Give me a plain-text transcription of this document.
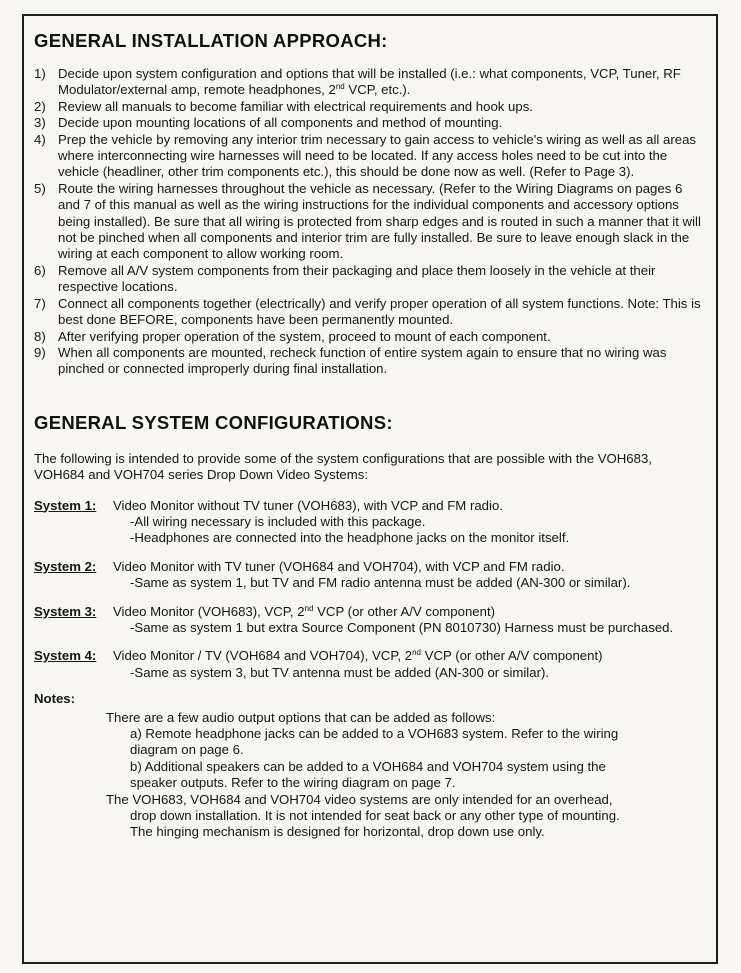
GENERAL INSTALLATION APPROACH:
1) Decide upon system configuration and options that will be installed (i.e.: what components, VCP, Tuner, RF Modulator/external amp, remote headphones, 2nd VCP, etc.).
2) Review all manuals to become familiar with electrical requirements and hook ups.
3) Decide upon mounting locations of all components and method of mounting.
4) Prep the vehicle by removing any interior trim necessary to gain access to vehicle's wiring as well as all areas where interconnecting wire harnesses will need to be located. If any access holes need to be cut into the vehicle (headliner, other trim components etc.), this should be done now as well. (Refer to Page 3).
5) Route the wiring harnesses throughout the vehicle as necessary. (Refer to the Wiring Diagrams on pages 6 and 7 of this manual as well as the wiring instructions for the individual components and accessory options being installed). Be sure that all wiring is protected from sharp edges and is routed in such a manner that it will not be pinched when all components and interior trim are fully installed. Be sure to leave enough slack in the wiring at each component to allow working room.
6) Remove all A/V system components from their packaging and place them loosely in the vehicle at their respective locations.
7) Connect all components together (electrically) and verify proper operation of all system functions. Note: This is best done BEFORE, components have been permanently mounted.
8) After verifying proper operation of the system, proceed to mount of each component.
9) When all components are mounted, recheck function of entire system again to ensure that no wiring was pinched or connected improperly during final installation.
GENERAL SYSTEM CONFIGURATIONS:

The following is intended to provide some of the system configurations that are possible with the VOH683, VOH684 and VOH704 series Drop Down Video Systems:

System 1:	Video Monitor without TV tuner (VOH683), with VCP and FM radio.
-All wiring necessary is included with this package.
-Headphones are connected into the headphone jacks on the monitor itself.
System 2:	Video Monitor with TV tuner (VOH684 and VOH704), with VCP and FM radio.
-Same as system 1, but TV and FM radio antenna must be added (AN-300 or similar).
System 3:	Video Monitor (VOH683), VCP, 2nd VCP (or other A/V component)
-Same as system 1 but extra Source Component (PN 8010730) Harness must be purchased.
System 4:	Video Monitor / TV (VOH684 and VOH704), VCP, 2nd VCP (or other A/V component)
-Same as system 3, but TV antenna must be added (AN-300 or similar).
Notes:
There are a few audio output options that can be added as follows:
a) Remote headphone jacks can be added to a VOH683 system. Refer to the wiring
diagram on page 6.
b) Additional speakers can be added to a VOH684 and VOH704 system using the
speaker outputs. Refer to the wiring diagram on page 7.
The VOH683, VOH684 and VOH704 video systems are only intended for an overhead,
drop down installation. It is not intended for seat back or any other type of mounting.
The hinging mechanism is designed for horizontal, drop down use only.
